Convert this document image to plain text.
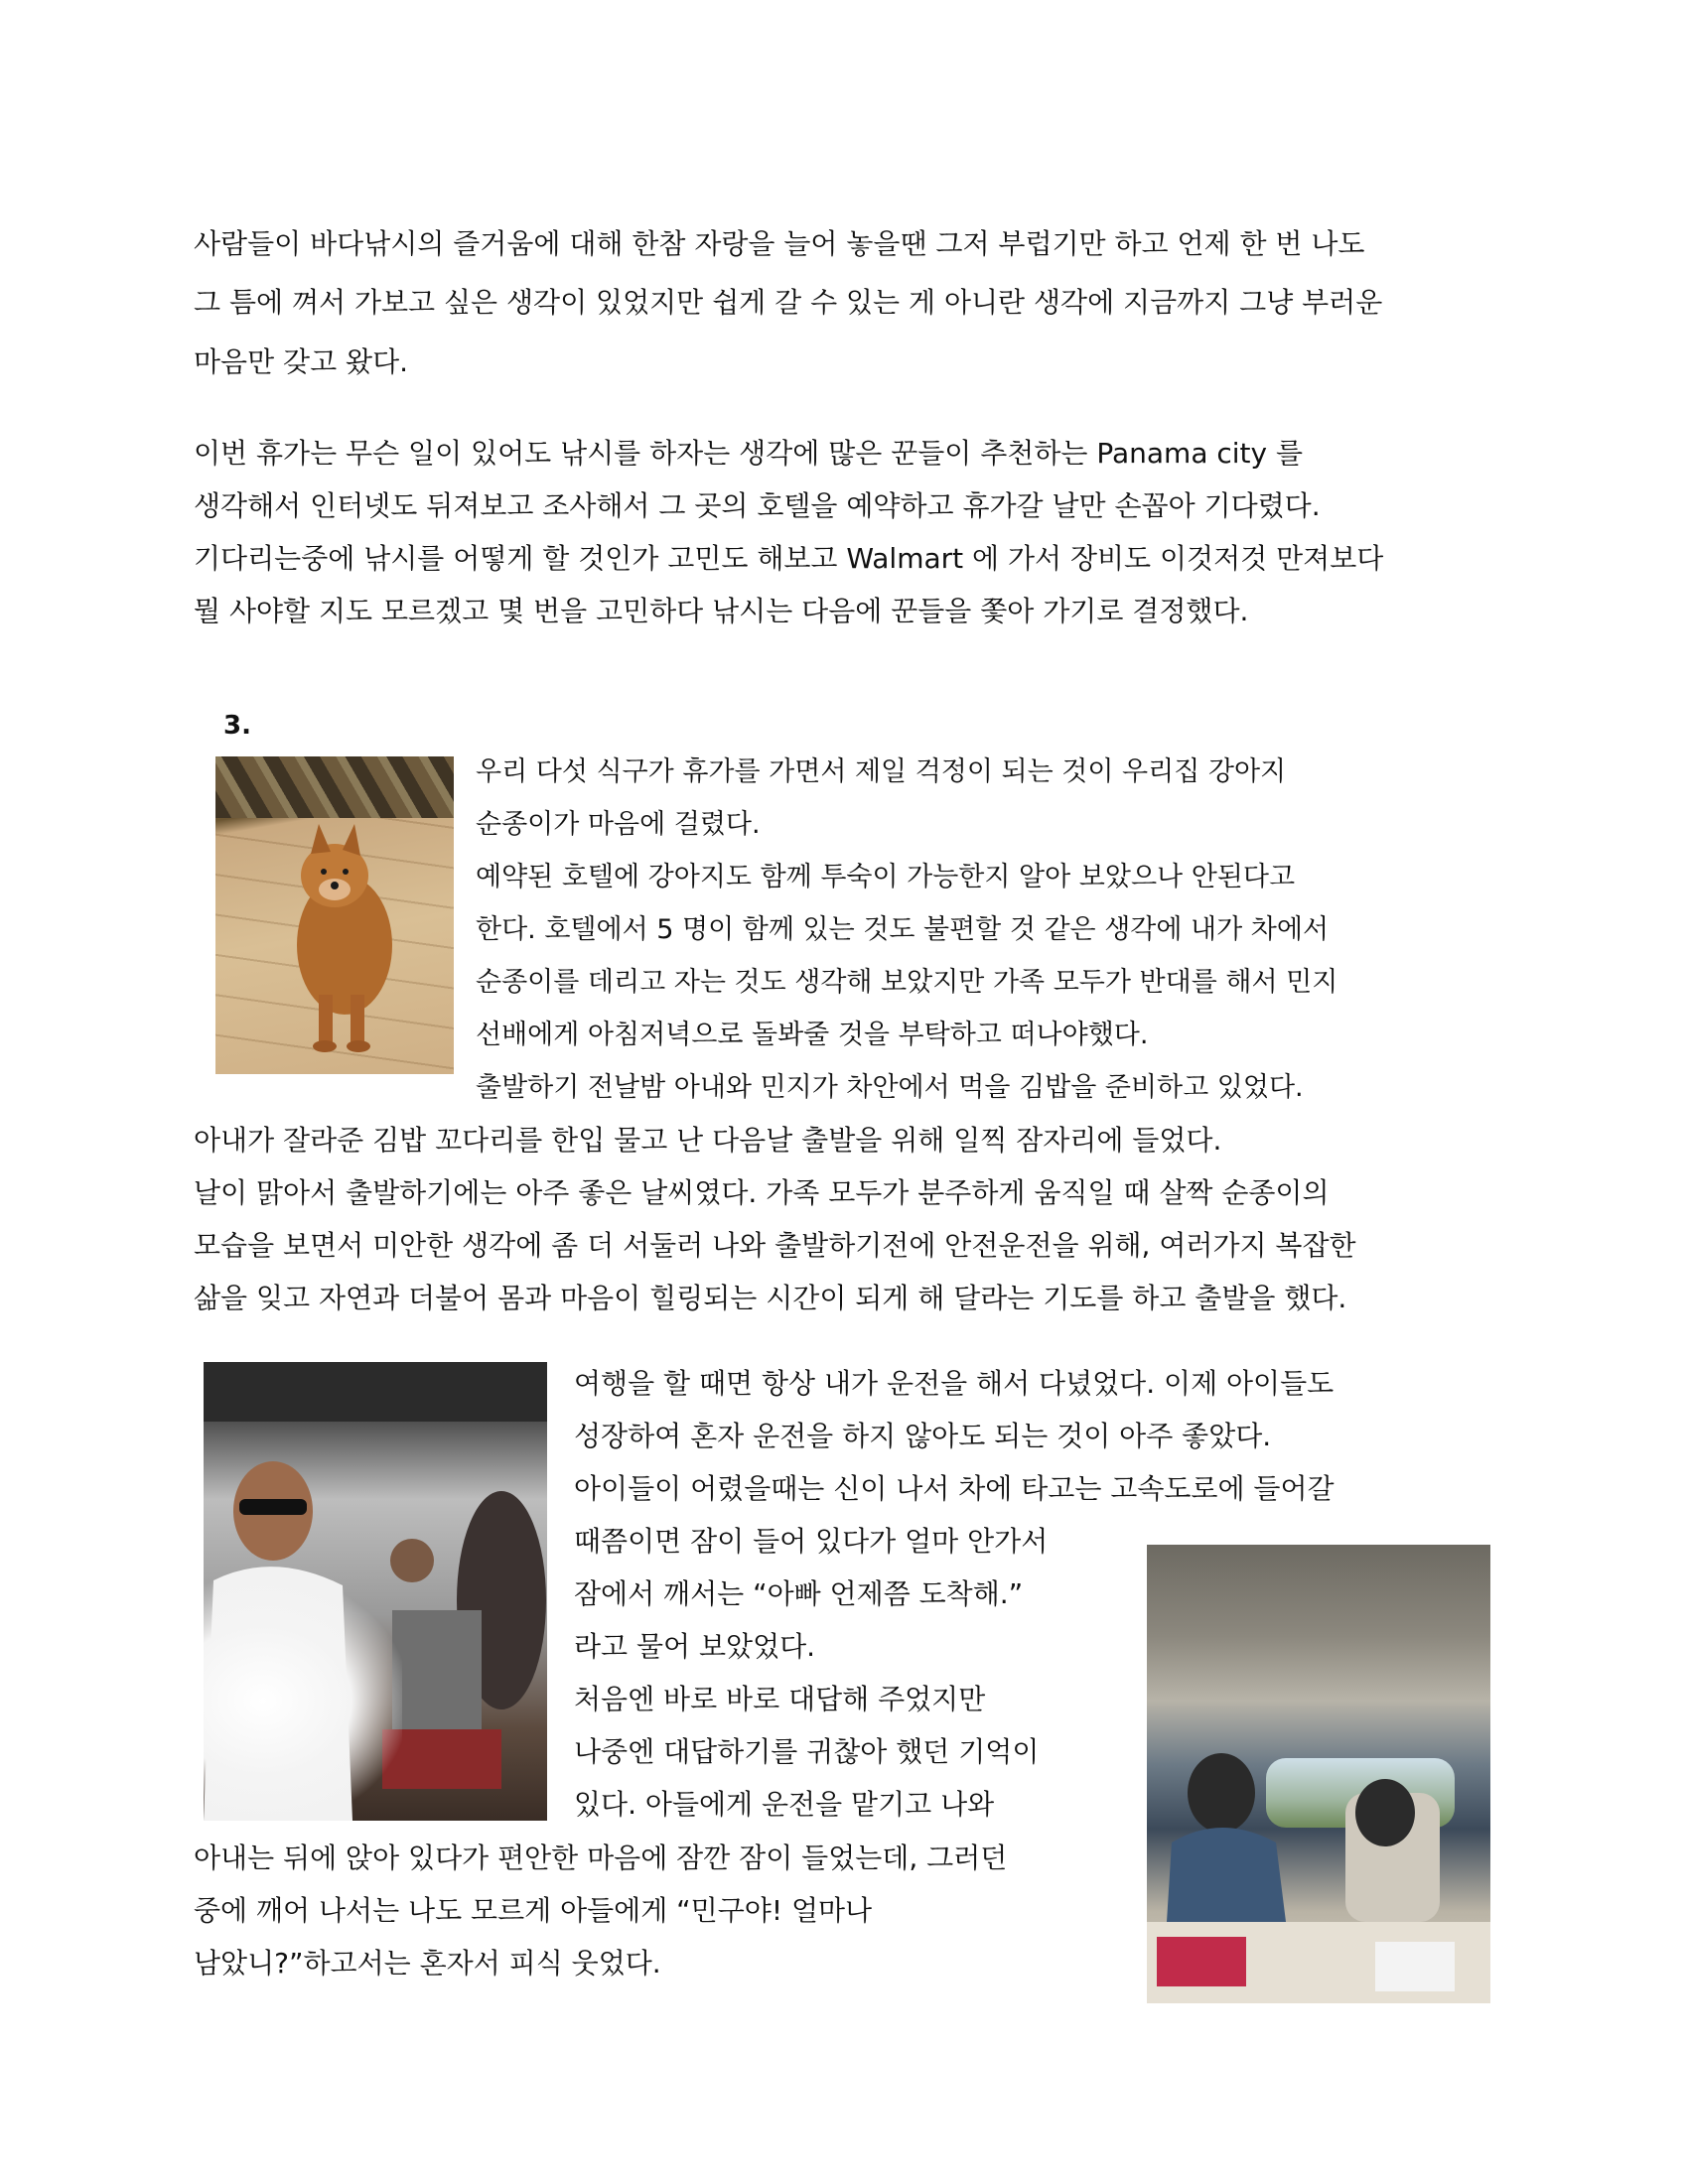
사람들이 바다낚시의 즐거움에 대해 한참 자랑을 늘어 놓을땐 그저 부럽기만 하고 언제 한 번 나도
그 틈에 껴서 가보고 싶은 생각이 있었지만 쉽게 갈 수 있는 게 아니란 생각에 지금까지 그냥 부러운
마음만 갖고 왔다.
이번 휴가는 무슨 일이 있어도 낚시를 하자는 생각에 많은 꾼들이 추천하는 Panama city 를
생각해서 인터넷도 뒤져보고 조사해서 그 곳의 호텔을 예약하고 휴가갈 날만 손꼽아 기다렸다.
기다리는중에 낚시를 어떻게 할 것인가 고민도 해보고 Walmart 에 가서 장비도 이것저것 만져보다
뭘 사야할 지도 모르겠고 몇 번을 고민하다 낚시는 다음에 꾼들을 쫓아 가기로 결정했다.
3.
우리 다섯 식구가 휴가를 가면서 제일 걱정이 되는 것이 우리집 강아지
순종이가 마음에 걸렸다.
예약된 호텔에 강아지도 함께 투숙이 가능한지 알아 보았으나 안된다고
한다. 호텔에서 5 명이 함께 있는 것도 불편할 것 같은 생각에 내가 차에서
순종이를 데리고 자는 것도 생각해 보았지만 가족 모두가 반대를 해서 민지
선배에게 아침저녁으로 돌봐줄 것을 부탁하고 떠나야했다.
출발하기 전날밤 아내와 민지가 차안에서 먹을 김밥을 준비하고 있었다.
아내가 잘라준 김밥 꼬다리를 한입 물고 난 다음날 출발을 위해 일찍 잠자리에 들었다.
날이 맑아서 출발하기에는 아주 좋은 날씨였다. 가족 모두가 분주하게 움직일 때 살짝 순종이의
모습을 보면서 미안한 생각에 좀 더 서둘러 나와 출발하기전에 안전운전을 위해, 여러가지 복잡한
삶을 잊고 자연과 더불어 몸과 마음이 힐링되는 시간이 되게 해 달라는 기도를 하고 출발을 했다.
여행을 할 때면 항상 내가 운전을 해서 다녔었다. 이제 아이들도
성장하여 혼자 운전을 하지 않아도 되는 것이 아주 좋았다.
아이들이 어렸을때는 신이 나서 차에 타고는 고속도로에 들어갈
때쯤이면 잠이 들어 있다가 얼마 안가서
잠에서 깨서는 “아빠 언제쯤 도착해.”
라고 물어 보았었다.
처음엔 바로 바로 대답해 주었지만
나중엔 대답하기를 귀찮아 했던 기억이
있다. 아들에게 운전을 맡기고 나와
아내는 뒤에 앉아 있다가 편안한 마음에 잠깐 잠이 들었는데, 그러던
중에 깨어 나서는 나도 모르게 아들에게 “민구야! 얼마나
남았니?”하고서는 혼자서 피식 웃었다.
